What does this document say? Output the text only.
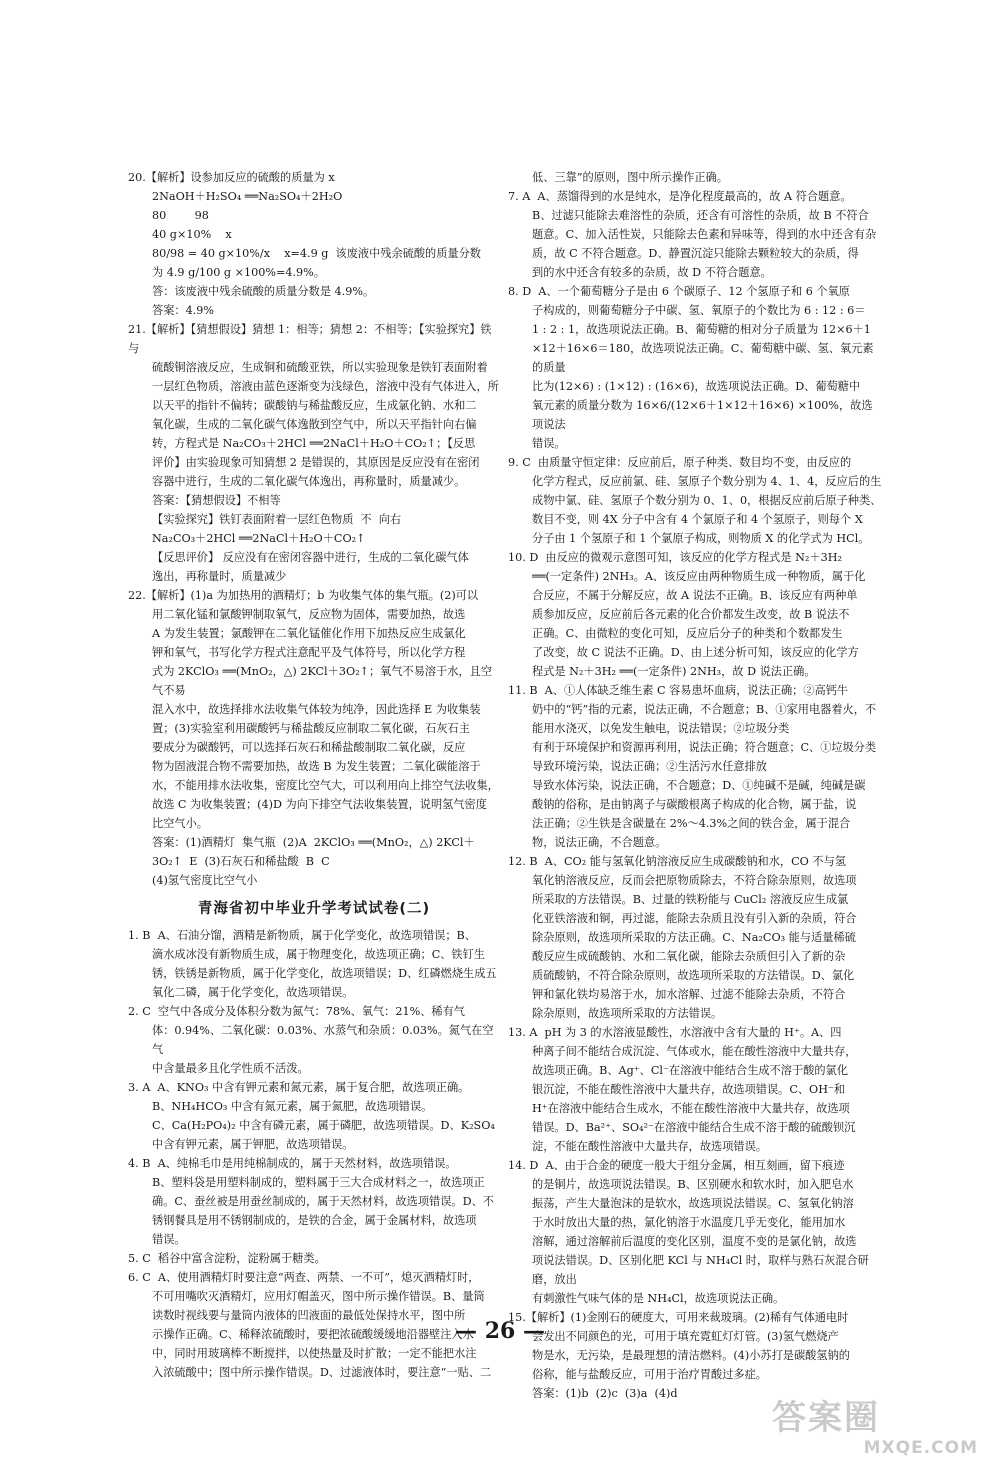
20.【解析】设参加反应的硫酸的质量为 x
2NaOH＋H₂SO₄ ══Na₂SO₄＋2H₂O
80        98
40 g×10%    x
80/98 = 40 g×10%/x    x=4.9 g  该废液中残余硫酸的质量分数
为 4.9 g/100 g ×100%=4.9%。
答：该废液中残余硫酸的质量分数是 4.9%。
答案：4.9%
21.【解析】【猜想假设】猜想 1：相等；猜想 2：不相等；【实验探究】铁与
硫酸铜溶液反应，生成铜和硫酸亚铁，所以实验现象是铁钉表面附着
一层红色物质，溶液由蓝色逐渐变为浅绿色，溶液中没有气体进入，所
以天平的指针不偏转；碳酸钠与稀盐酸反应，生成氯化钠、水和二
氧化碳，生成的二氧化碳气体逸散到空气中，所以天平指针向右偏
转，方程式是 Na₂CO₃＋2HCl ══2NaCl＋H₂O＋CO₂↑；【反思
评价】由实验现象可知猜想 2 是错误的，其原因是反应没有在密闭
容器中进行，生成的二氧化碳气体逸出，再称量时，质量减少。
答案：【猜想假设】不相等
【实验探究】铁钉表面附着一层红色物质  不  向右
Na₂CO₃＋2HCl ══2NaCl＋H₂O＋CO₂↑
【反思评价】 反应没有在密闭容器中进行，生成的二氧化碳气体
逸出，再称量时，质量减少
22.【解析】(1)a 为加热用的酒精灯；b 为收集气体的集气瓶。(2)可以
用二氧化锰和氯酸钾制取氧气，反应物为固体，需要加热，故选
A 为发生装置；氯酸钾在二氧化锰催化作用下加热反应生成氯化
钾和氧气，书写化学方程式注意配平及气体符号，所以化学方程
式为 2KClO₃ ══(MnO₂，△) 2KCl＋3O₂↑；氧气不易溶于水，且空气不易
混入水中，故选择排水法收集气体较为纯净，因此选择 E 为收集装
置；(3)实验室利用碳酸钙与稀盐酸反应制取二氧化碳，石灰石主
要成分为碳酸钙，可以选择石灰石和稀盐酸制取二氧化碳，反应
物为固液混合物不需要加热，故选 B 为发生装置；二氧化碳能溶于
水，不能用排水法收集，密度比空气大，可以利用向上排空气法收集，
故选 C 为收集装置；(4)D 为向下排空气法收集装置，说明氢气密度
比空气小。
答案：(1)酒精灯  集气瓶  (2)A  2KClO₃ ══(MnO₂，△) 2KCl＋
3O₂↑  E  (3)石灰石和稀盐酸  B  C
(4)氢气密度比空气小
青海省初中毕业升学考试试卷(二)
1. B  A、石油分馏，酒精是新物质，属于化学变化，故选项错误；B、
滴水成冰没有新物质生成，属于物理变化，故选项正确；C、铁钉生
锈，铁锈是新物质，属于化学变化，故选项错误；D、红磷燃烧生成五
氧化二磷，属于化学变化，故选项错误。
2. C  空气中各成分及体积分数为氮气：78%、氧气：21%、稀有气
体：0.94%、二氧化碳：0.03%、水蒸气和杂质：0.03%。氮气在空气
中含量最多且化学性质不活泼。
3. A  A、KNO₃ 中含有钾元素和氮元素，属于复合肥，故选项正确。
B、NH₄HCO₃ 中含有氮元素，属于氮肥，故选项错误。
C、Ca(H₂PO₄)₂ 中含有磷元素，属于磷肥，故选项错误。D、K₂SO₄
中含有钾元素，属于钾肥，故选项错误。
4. B  A、纯棉毛巾是用纯棉制成的，属于天然材料，故选项错误。
B、塑料袋是用塑料制成的，塑料属于三大合成材料之一，故选项正
确。C、蚕丝被是用蚕丝制成的，属于天然材料，故选项错误。D、不
锈钢餐具是用不锈钢制成的，是铁的合金，属于金属材料，故选项
错误。
5. C  稻谷中富含淀粉，淀粉属于糖类。
6. C  A、使用酒精灯时要注意“两查、两禁、一不可”，熄灭酒精灯时，
不可用嘴吹灭酒精灯，应用灯帽盖灭，图中所示操作错误。B、量筒
读数时视线要与量筒内液体的凹液面的最低处保持水平，图中所
示操作正确。C、稀释浓硫酸时，要把浓硫酸缓缓地沿器壁注入水
中，同时用玻璃棒不断搅拌，以使热量及时扩散；一定不能把水注
入浓硫酸中；图中所示操作错误。D、过滤液体时，要注意“一贴、二
低、三靠”的原则，图中所示操作正确。
7. A  A、蒸馏得到的水是纯水，是净化程度最高的，故 A 符合题意。
B、过滤只能除去难溶性的杂质，还含有可溶性的杂质，故 B 不符合
题意。C、加入活性炭，只能除去色素和异味等，得到的水中还含有杂
质，故 C 不符合题意。D、静置沉淀只能除去颗粒较大的杂质，得
到的水中还含有较多的杂质，故 D 不符合题意。
8. D  A、一个葡萄糖分子是由 6 个碳原子、12 个氢原子和 6 个氧原
子构成的，则葡萄糖分子中碳、氢、氧原子的个数比为 6 : 12 : 6＝
1 : 2 : 1，故选项说法正确。B、葡萄糖的相对分子质量为 12×6＋1
×12＋16×6＝180，故选项说法正确。C、葡萄糖中碳、氢、氧元素的质量
比为(12×6) : (1×12) : (16×6)，故选项说法正确。D、葡萄糖中
氧元素的质量分数为 16×6/(12×6＋1×12＋16×6) ×100%，故选项说法
错误。
9. C  由质量守恒定律：反应前后，原子种类、数目均不变，由反应的
化学方程式，反应前氯、硅、氢原子个数分别为 4、1、4，反应后的生
成物中氯、硅、氢原子个数分别为 0、1、0，根据反应前后原子种类、
数目不变，则 4X 分子中含有 4 个氯原子和 4 个氢原子，则每个 X
分子由 1 个氢原子和 1 个氯原子构成，则物质 X 的化学式为 HCl。
10. D  由反应的微观示意图可知，该反应的化学方程式是 N₂＋3H₂
══(一定条件) 2NH₃。A、该反应由两种物质生成一种物质，属于化
合反应，不属于分解反应，故 A 说法不正确。B、该反应有两种单
质参加反应，反应前后各元素的化合价都发生改变，故 B 说法不
正确。C、由微粒的变化可知，反应后分子的种类和个数都发生
了改变，故 C 说法不正确。D、由上述分析可知，该反应的化学方
程式是 N₂＋3H₂ ══(一定条件) 2NH₃，故 D 说法正确。
11. B  A、①人体缺乏维生素 C 容易患坏血病，说法正确；②高钙牛
奶中的“钙”指的元素，说法正确，不合题意；B、①家用电器着火，不
能用水浇灭，以免发生触电，说法错误；②垃圾分类
有利于环境保护和资源再利用，说法正确；符合题意；C、①垃圾分类
导致环境污染，说法正确；②生活污水任意排放
导致水体污染，说法正确，不合题意；D、①纯碱不是碱，纯碱是碳
酸钠的俗称，是由钠离子与碳酸根离子构成的化合物，属于盐，说
法正确；②生铁是含碳量在 2%～4.3%之间的铁合金，属于混合
物，说法正确，不合题意。
12. B  A、CO₂ 能与氢氧化钠溶液反应生成碳酸钠和水，CO 不与氢
氧化钠溶液反应，反而会把原物质除去，不符合除杂原则，故选项
所采取的方法错误。B、过量的铁粉能与 CuCl₂ 溶液反应生成氯
化亚铁溶液和铜，再过滤，能除去杂质且没有引入新的杂质，符合
除杂原则，故选项所采取的方法正确。C、Na₂CO₃ 能与适量稀硫
酸反应生成硫酸钠、水和二氧化碳，能除去杂质但引入了新的杂
质硫酸钠，不符合除杂原则，故选项所采取的方法错误。D、氯化
钾和氯化铁均易溶于水，加水溶解、过滤不能除去杂质，不符合
除杂原则，故选项所采取的方法错误。
13. A  pH 为 3 的水溶液显酸性，水溶液中含有大量的 H⁺。A、四
种离子间不能结合成沉淀、气体或水，能在酸性溶液中大量共存，
故选项正确。B、Ag⁺、Cl⁻在溶液中能结合生成不溶于酸的氯化
银沉淀，不能在酸性溶液中大量共存，故选项错误。C、OH⁻和
H⁺在溶液中能结合生成水，不能在酸性溶液中大量共存，故选项
错误。D、Ba²⁺、SO₄²⁻在溶液中能结合生成不溶于酸的硫酸钡沉
淀，不能在酸性溶液中大量共存，故选项错误。
14. D  A、由于合金的硬度一般大于组分金属，相互刻画，留下痕迹
的是铜片，故选项说法错误。B、区别硬水和软水时，加入肥皂水
振荡，产生大量泡沫的是软水，故选项说法错误。C、氢氧化钠溶
于水时放出大量的热，氯化钠溶于水温度几乎无变化，能用加水
溶解，通过溶解前后温度的变化区别，温度不变的是氯化钠，故选
项说法错误。D、区别化肥 KCl 与 NH₄Cl 时，取样与熟石灰混合研磨，放出
有刺激性气味气体的是 NH₄Cl，故选项说法正确。
15.【解析】(1)金刚石的硬度大，可用来裁玻璃。(2)稀有气体通电时
会发出不同颜色的光，可用于填充霓虹灯灯管。(3)氢气燃烧产
物是水，无污染，是最理想的清洁燃料。(4)小苏打是碳酸氢钠的
俗称，能与盐酸反应，可用于治疗胃酸过多症。
答案：(1)b  (2)c  (3)a  (4)d
— 26 —
答案圈
MXQE.COM
